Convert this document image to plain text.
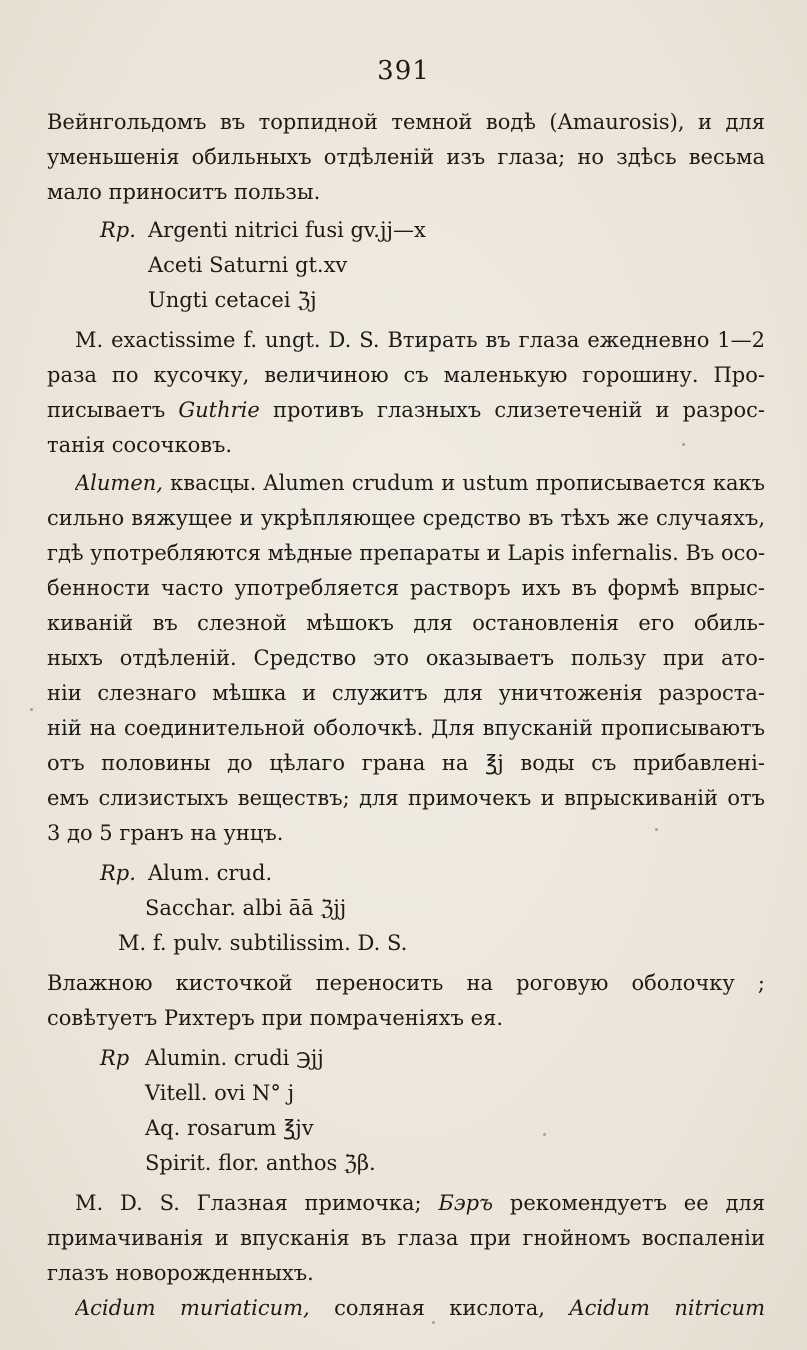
391
Вейнгольдомъ въ торпидной темной водѣ (Amaurosis), и для
уменьшенія обильныхъ отдѣленій изъ глаза; но здѣсь весьма
мало приноситъ пользы.
Rp. Argenti nitrici fusi gv.jj—x
Aceti Saturni gt.xv
Ungti cetacei ℨj
M. exactissime f. ungt. D. S. Втирать въ глаза ежедневно 1—2
раза по кусочку, величиною съ маленькую горошину. Про-
писываетъ Guthrie противъ глазныхъ слизетеченій и разрос-
танія сосочковъ.
Alumen, квасцы. Alumen crudum и ustum прописывается какъ
сильно вяжущее и укрѣпляющее средство въ тѣхъ же случаяхъ,
гдѣ употребляются мѣдные препараты и Lapis infernalis. Въ осо-
бенности часто употребляется растворъ ихъ въ формѣ впрыс-
киваній въ слезной мѣшокъ для остановленія его обиль-
ныхъ отдѣленій. Средство это оказываетъ пользу при ато-
ніи слезнаго мѣшка и служитъ для уничтоженія разроста-
ній на соединительной оболочкѣ. Для впусканій прописываютъ
отъ половины до цѣлаго грана на ℥j воды съ прибавлені-
емъ слизистыхъ веществъ; для примочекъ и впрыскиваній отъ
3 до 5 гранъ на унцъ.
Rp. Alum. crud.
Sacchar. albi āā ℨjj
M. f. pulv. subtilissim. D. S.
Влажною кисточкой переносить на роговую оболочку ;
совѣтуетъ Рихтеръ при помраченіяхъ ея.
Rp Alumin. crudi ℈jj
Vitell. ovi N° j
Aq. rosarum ℥jv
Spirit. flor. anthos ℨβ.
M. D. S. Глазная примочка; Бэръ рекомендуетъ ее для
примачиванія и впусканія въ глаза при гнойномъ воспаленіи
глазъ новорожденныхъ.
Acidum muriaticum, соляная кислота, Acidum nitricum
